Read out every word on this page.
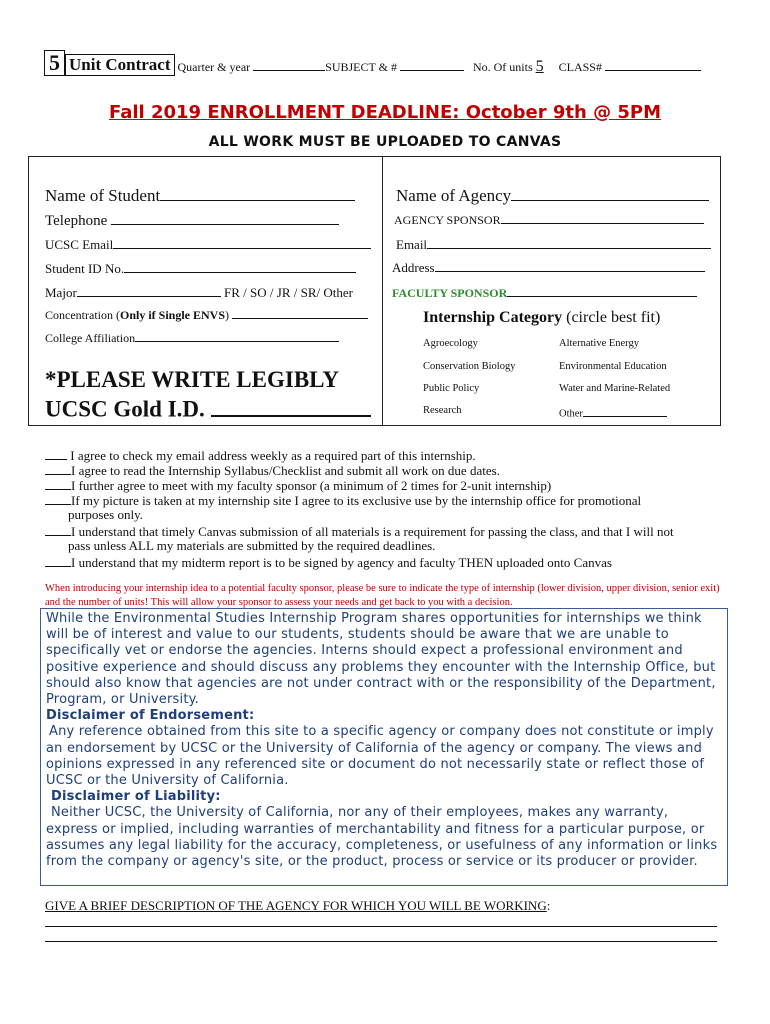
5 Unit Contract Quarter & year	SUBJECT & #	No. Of units 5 CLASS#
Fall 2019 ENROLLMENT DEADLINE: October 9th @ 5PM
ALL WORK MUST BE UPLOADED TO CANVAS
Name of Student
Telephone
UCSC Email
Student ID No.
Major	FR / SO / JR / SR/ Other
Concentration (Only if Single ENVS)
College Affiliation
*PLEASE WRITE LEGIBLY
UCSC Gold I.D.
Name of Agency
AGENCY SPONSOR
Email
Address
FACULTY SPONSOR
Internship Category (circle best fit)
Agroecology	Alternative Energy
Conservation Biology	Environmental Education
Public Policy	Water and Marine-Related
Research	Other
I agree to check my email address weekly as a required part of this internship.
I agree to read the Internship Syllabus/Checklist and submit all work on due dates.
I further agree to meet with my faculty sponsor (a minimum of 2 times for 2-unit internship)
If my picture is taken at my internship site I agree to its exclusive use by the internship office for promotional
purposes only.
I understand that timely Canvas submission of all materials is a requirement for passing the class, and that I will not
pass unless ALL my materials are submitted by the required deadlines.
I understand that my midterm report is to be signed by agency and faculty THEN uploaded onto Canvas
When introducing your internship idea to a potential faculty sponsor, please be sure to indicate the type of internship (lower division, upper division, senior exit) and the number of units! This will allow your sponsor to assess your needs and get back to you with a decision.

While the Environmental Studies Internship Program shares opportunities for internships we think will be of interest and value to our students, students should be aware that we are unable to specifically vet or endorse the agencies. Interns should expect a professional environment and positive experience and should discuss any problems they encounter with the Internship Office, but should also know that agencies are not under contract with or the responsibility of the Department, Program, or University.

Disclaimer of Endorsement:

Any reference obtained from this site to a specific agency or company does not constitute or imply an endorsement by UCSC or the University of California of the agency or company. The views and opinions expressed in any referenced site or document do not necessarily state or reflect those of UCSC or the University of California.

Disclaimer of Liability:

Neither UCSC, the University of California, nor any of their employees, makes any warranty, express or implied, including warranties of merchantability and fitness for a particular purpose, or assumes any legal liability for the accuracy, completeness, or usefulness of any information or links from the company or agency's site, or the product, process or service or its producer or provider.

GIVE A BRIEF DESCRIPTION OF THE AGENCY FOR WHICH YOU WILL BE WORKING:
